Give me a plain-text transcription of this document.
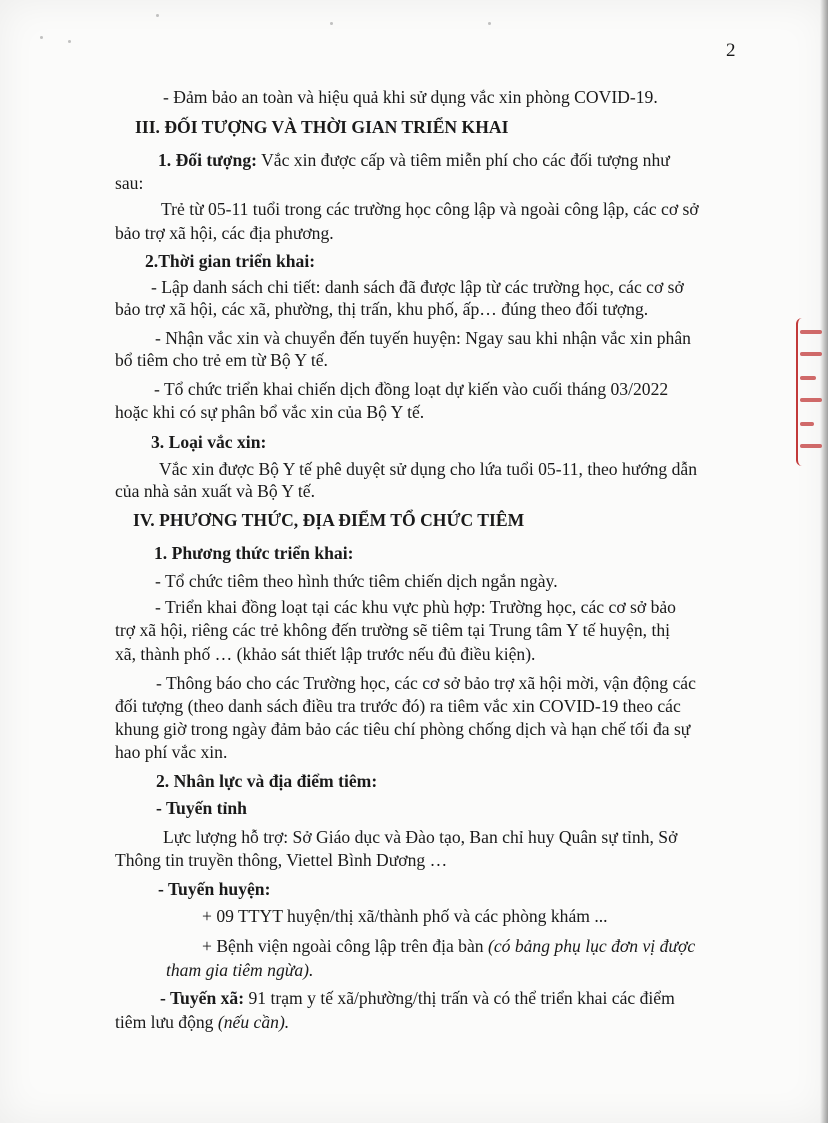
2
- Đảm bảo an toàn và hiệu quả khi sử dụng vắc xin phòng COVID-19.
III. ĐỐI TƯỢNG VÀ THỜI GIAN TRIỂN KHAI
1. Đối tượng: Vắc xin được cấp và tiêm miễn phí cho các đối tượng như
sau:
Trẻ từ 05-11 tuổi trong các trường học công lập và ngoài công lập, các cơ sở
bảo trợ xã hội, các địa phương.
2.Thời gian triển khai:
- Lập danh sách chi tiết: danh sách đã được lập từ các trường học, các cơ sở
bảo trợ xã hội, các xã, phường, thị trấn, khu phố, ấp… đúng theo đối tượng.
- Nhận vắc xin và chuyển đến tuyến huyện: Ngay sau khi nhận vắc xin phân
bổ tiêm cho trẻ em từ Bộ Y tế.
- Tổ chức triển khai chiến dịch đồng loạt dự kiến vào cuối tháng 03/2022
hoặc khi có sự phân bổ vắc xin của Bộ Y tế.
3. Loại vắc xin:
Vắc xin được Bộ Y tế phê duyệt sử dụng cho lứa tuổi 05-11, theo hướng dẫn
của nhà sản xuất và Bộ Y tế.
IV. PHƯƠNG THỨC, ĐỊA ĐIỂM TỔ CHỨC TIÊM
1. Phương thức triển khai:
- Tổ chức tiêm theo hình thức tiêm chiến dịch ngắn ngày.
- Triển khai đồng loạt tại các khu vực phù hợp: Trường học, các cơ sở bảo
trợ xã hội, riêng các trẻ không đến trường sẽ tiêm tại Trung tâm Y tế huyện, thị
xã, thành phố … (khảo sát thiết lập trước nếu đủ điều kiện).
- Thông báo cho các Trường học, các cơ sở bảo trợ xã hội mời, vận động các
đối tượng (theo danh sách điều tra trước đó) ra tiêm vắc xin COVID-19 theo các
khung giờ trong ngày đảm bảo các tiêu chí phòng chống dịch và hạn chế tối đa sự
hao phí vắc xin.
2. Nhân lực và địa điểm tiêm:
- Tuyến tỉnh
Lực lượng hỗ trợ: Sở Giáo dục và Đào tạo, Ban chỉ huy Quân sự tỉnh, Sở
Thông tin truyền thông, Viettel Bình Dương …
- Tuyến huyện:
+ 09 TTYT huyện/thị xã/thành phố và các phòng khám ...
+ Bệnh viện ngoài công lập trên địa bàn (có bảng phụ lục đơn vị được
tham gia tiêm ngừa).
- Tuyến xã: 91 trạm y tế xã/phường/thị trấn và có thể triển khai các điểm
tiêm lưu động (nếu cần).
